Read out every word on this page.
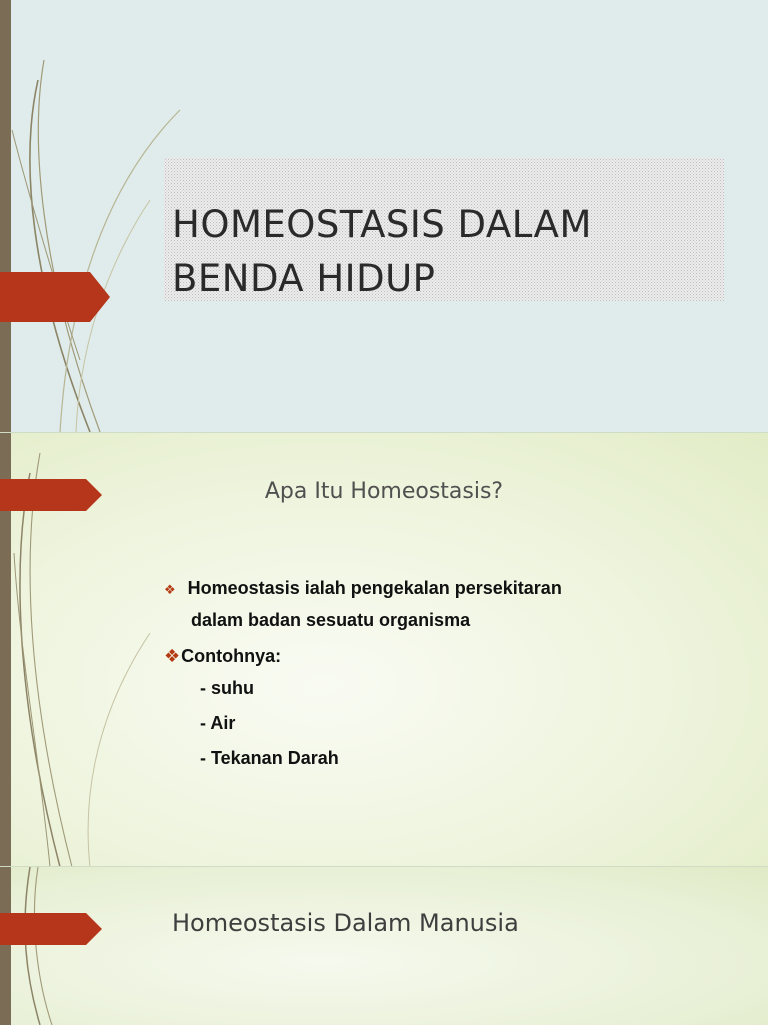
HOMEOSTASIS DALAM
BENDA HIDUP
Apa Itu Homeostasis?
❖ Homeostasis ialah pengekalan persekitaran
dalam badan sesuatu organisma
❖Contohnya:
- suhu
- Air
- Tekanan Darah
Homeostasis Dalam Manusia
